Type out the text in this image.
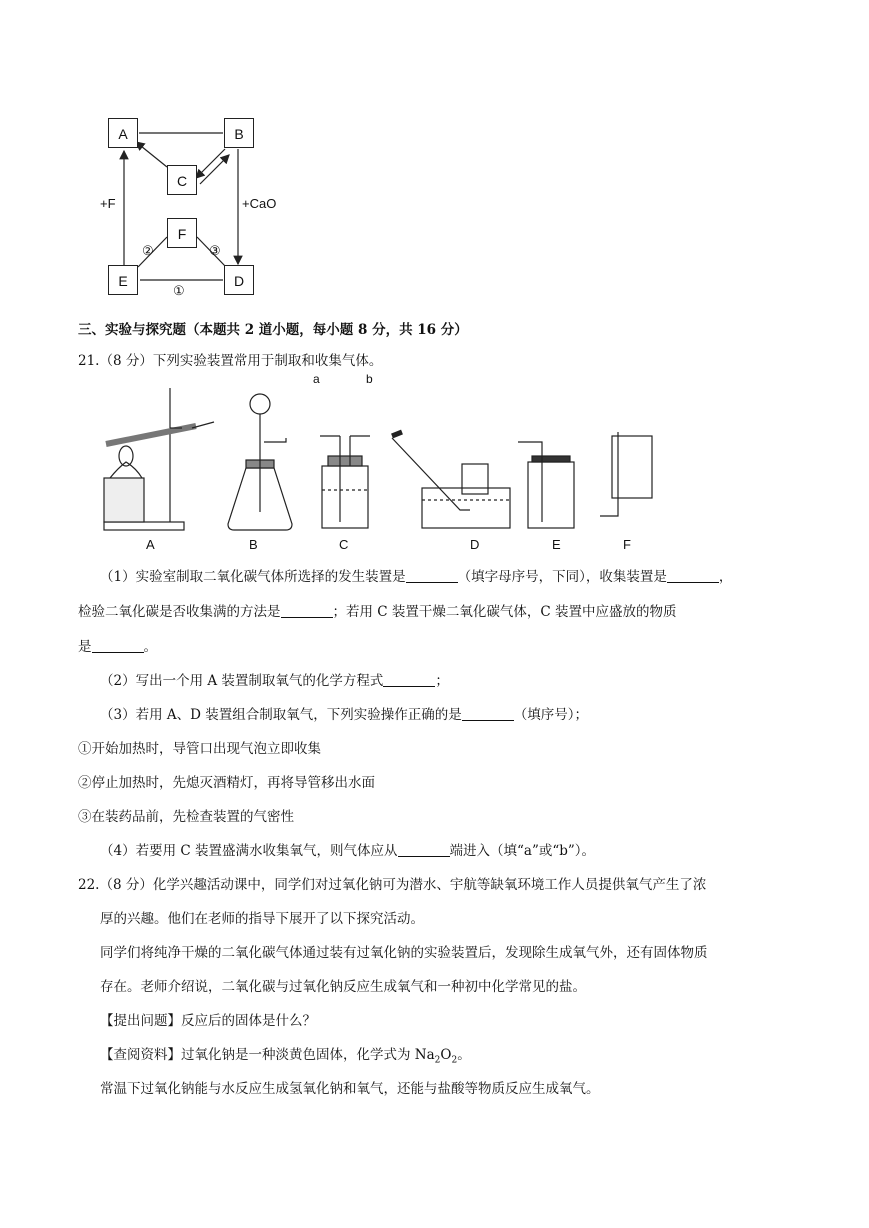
A	B
C
F
E	D
+F	+CaO
②	③
①
三、实验与探究题（本题共 2 道小题，每小题 8 分，共 16 分）
21.（8 分）下列实验装置常用于制取和收集气体。
a	b
A	B	C	D	E	F
（1）实验室制取二氧化碳气体所选择的发生装置是	（填字母序号，下同），收集装置是	，
检验二氧化碳是否收集满的方法是	；若用 C 装置干燥二氧化碳气体，C 装置中应盛放的物质
是	。
（2）写出一个用 A 装置制取氧气的化学方程式	；
（3）若用 A、D 装置组合制取氧气，下列实验操作正确的是	（填序号）；
①开始加热时，导管口出现气泡立即收集
②停止加热时，先熄灭酒精灯，再将导管移出水面
③在装药品前，先检查装置的气密性
（4）若要用 C 装置盛满水收集氧气，则气体应从	端进入（填“a”或“b”）。
22.（8 分）化学兴趣活动课中，同学们对过氧化钠可为潜水、宇航等缺氧环境工作人员提供氧气产生了浓
厚的兴趣。他们在老师的指导下展开了以下探究活动。
同学们将纯净干燥的二氧化碳气体通过装有过氧化钠的实验装置后，发现除生成氧气外，还有固体物质
存在。老师介绍说，二氧化碳与过氧化钠反应生成氧气和一种初中化学常见的盐。
【提出问题】反应后的固体是什么？
【查阅资料】过氧化钠是一种淡黄色固体，化学式为 $Na_2O_2$。
常温下过氧化钠能与水反应生成氢氧化钠和氧气，还能与盐酸等物质反应生成氧气。
